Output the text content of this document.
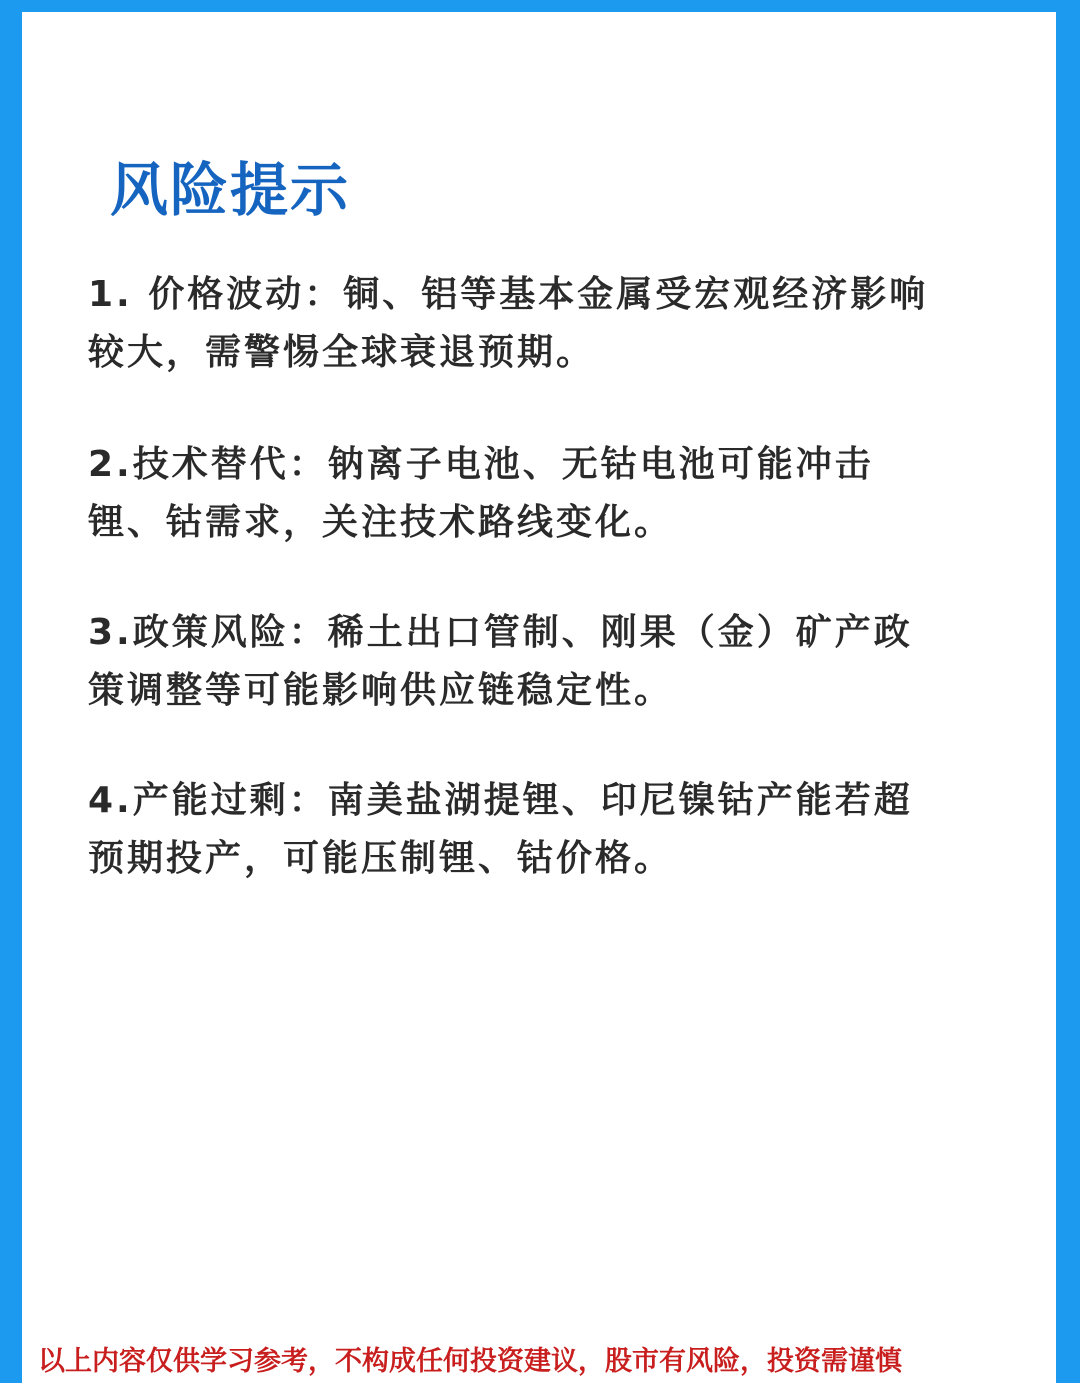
风险提示

1. 价格波动：铜、铝等基本金属受宏观经济影响较大，需警惕全球衰退预期。

2.技术替代：钠离子电池、无钴电池可能冲击锂、钴需求，关注技术路线变化。

3.政策风险：稀土出口管制、刚果（金）矿产政策调整等可能影响供应链稳定性。

4.产能过剩：南美盐湖提锂、印尼镍钴产能若超预期投产，可能压制锂、钴价格。

以上内容仅供学习参考，不构成任何投资建议，股市有风险，投资需谨慎
